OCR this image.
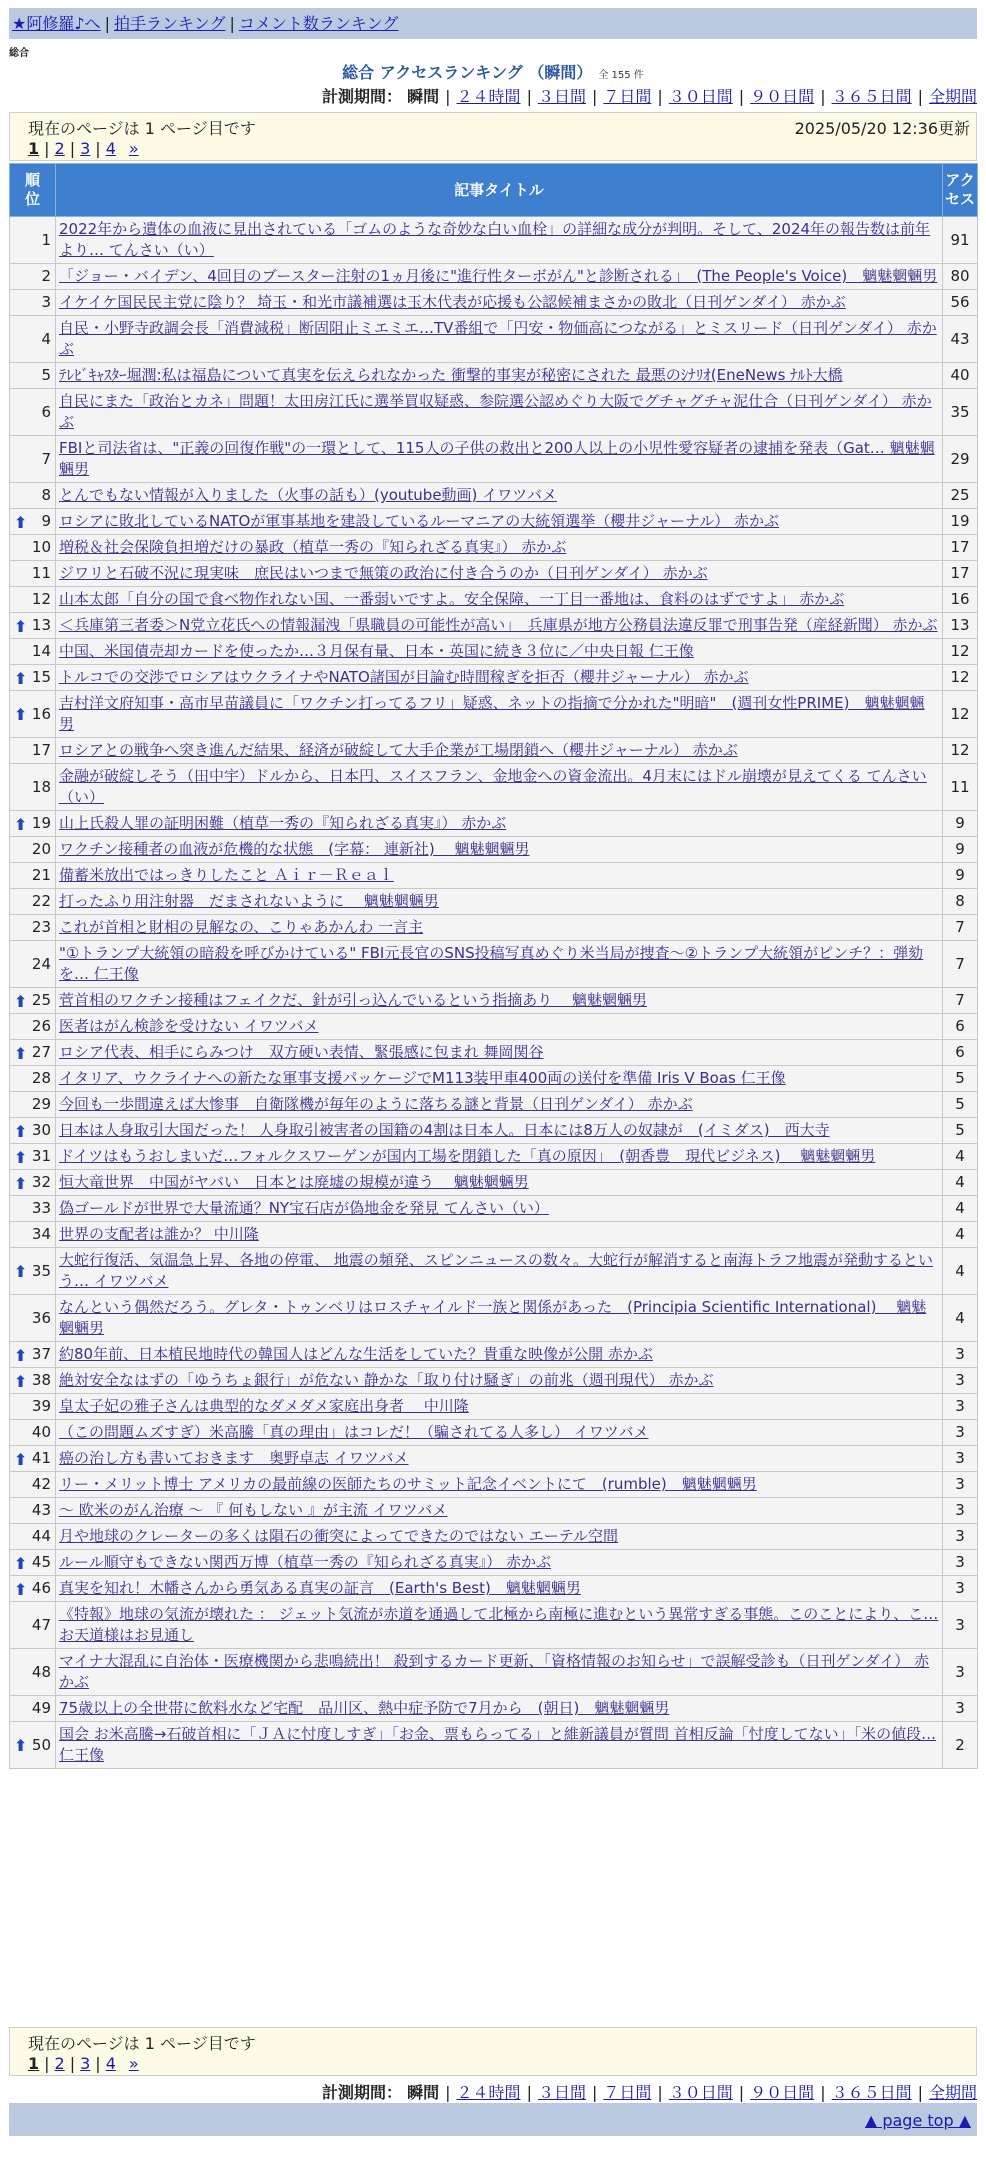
★阿修羅♪へ | 拍手ランキング | コメント数ランキング
総合
総合 アクセスランキング （瞬間） 全 155 件
計測期間： 瞬間 | ２４時間 | ３日間 | ７日間 | ３０日間 | ９０日間 | ３６５日間 | 全期間
現在のページは 1 ページ目です	2025/05/20 12:36更新
1 | 2 | 3 | 4 »
順位	記事タイトル	アクセス

1	2022年から遺体の血液に見出されている「ゴムのような奇妙な白い血栓」の詳細な成分が判明。そして、2024年の報告数は前年より… てんさい（い）	91
2	「ジョー・バイデン、4回目のブースター注射の1ヵ月後に"進行性ターボがん"と診断される」　(The People's Voice)　魑魅魍魎男	80
3	イケイケ国民民主党に陰り？ 埼玉・和光市議補選は玉木代表が応援も公認候補まさかの敗北（日刊ゲンダイ） 赤かぶ	56
4	自民・小野寺政調会長「消費減税」断固阻止ミエミエ…TV番組で「円安・物価高につながる」とミスリード（日刊ゲンダイ） 赤かぶ	43
5	ﾃﾚﾋﾞｷｬｽﾀｰ堀潤:私は福島について真実を伝えられなかった 衝撃的事実が秘密にされた 最悪のｼﾅﾘｵ(EneNews ﾅﾙﾄ大橋	40
6	自民にまた「政治とカネ」問題！太田房江氏に選挙買収疑惑、参院選公認めぐり大阪でグチャグチャ泥仕合（日刊ゲンダイ） 赤かぶ	35
7	FBIと司法省は、"正義の回復作戦"の一環として、115人の子供の救出と200人以上の小児性愛容疑者の逮捕を発表（Gat… 魑魅魍魎男	29
8	とんでもない情報が入りました（火事の話も）(youtube動画) イワツバメ	25

⬆ 9	ロシアに敗北しているNATOが軍事基地を建設しているルーマニアの大統領選挙（櫻井ジャーナル） 赤かぶ	19
10	増税＆社会保険負担増だけの暴政（植草一秀の『知られざる真実』） 赤かぶ	17
11	ジワリと石破不況に現実味　庶民はいつまで無策の政治に付き合うのか（日刊ゲンダイ） 赤かぶ	17
12	山本太郎「自分の国で食べ物作れない国、一番弱いですよ。安全保障、一丁目一番地は、食料のはずですよ」 赤かぶ	16

⬆ 13	＜兵庫第三者委＞N党立花氏への情報漏洩「県職員の可能性が高い」　兵庫県が地方公務員法違反罪で刑事告発（産経新聞） 赤かぶ	13
14	中国、米国債売却カードを使ったか…３月保有量、日本・英国に続き３位に／中央日報 仁王像	12

⬆ 15	トルコでの交渉でロシアはウクライナやNATO諸国が目論む時間稼ぎを拒否（櫻井ジャーナル） 赤かぶ	12

⬆ 16	吉村洋文府知事・高市早苗議員に「ワクチン打ってるフリ」疑惑、ネットの指摘で分かれた"明暗"　(週刊女性PRIME)　魑魅魍魎男	12
17	ロシアとの戦争へ突き進んだ結果、経済が破綻して大手企業が工場閉鎖へ（櫻井ジャーナル） 赤かぶ	12
18	金融が破綻しそう（田中宇）ドルから、日本円、スイスフラン、金地金への資金流出。4月末にはドル崩壊が見えてくる てんさい（い）	11

⬆ 19	山上氏殺人罪の証明困難（植草一秀の『知られざる真実』） 赤かぶ	9
20	ワクチン接種者の血液が危機的な状態　(字幕： 連新社)　 魑魅魍魎男	9
21	備蓄米放出ではっきりしたこと Ａｉｒ－Ｒｅａｌ	9
22	打ったふり用注射器　だまされないように　 魑魅魍魎男	8
23	これが首相と財相の見解なの、こりゃあかんわ 一言主	7
24	"①トランプ大統領の暗殺を呼びかけている" FBI元長官のSNS投稿写真めぐり米当局が捜査～②トランプ大統領がピンチ？：弾劾を… 仁王像	7

⬆ 25	菅首相のワクチン接種はフェイクだ、針が引っ込んでいるという指摘あり　 魑魅魍魎男	7
26	医者はがん検診を受けない イワツバメ	6

⬆ 27	ロシア代表、相手にらみつけ　双方硬い表情、緊張感に包まれ 舞岡関谷	6
28	イタリア、ウクライナへの新たな軍事支援パッケージでM113装甲車400両の送付を準備 Iris V Boas 仁王像	5
29	今回も一歩間違えば大惨事　自衛隊機が毎年のように落ちる謎と背景（日刊ゲンダイ） 赤かぶ	5

⬆ 30	日本は人身取引大国だった！ 人身取引被害者の国籍の4割は日本人。日本には8万人の奴隷が　(イミダス)　西大寺	5

⬆ 31	ドイツはもうおしまいだ…フォルクスワーゲンが国内工場を閉鎖した「真の原因」　(朝香豊　現代ビジネス)　 魑魅魍魎男	4

⬆ 32	恒大竜世界　中国がヤバい　日本とは廃墟の規模が違う　 魑魅魍魎男	4
33	偽ゴールドが世界で大量流通？NY宝石店が偽地金を発見 てんさい（い）	4
34	世界の支配者は誰か？ 中川隆	4

⬆ 35	大蛇行復活、気温急上昇、各地の停電、 地震の頻発、スピンニュースの数々。大蛇行が解消すると南海トラフ地震が発動するという… イワツバメ	4
36	なんという偶然だろう。グレタ・トゥンベリはロスチャイルド一族と関係があった　(Principia Scientific International)　 魑魅魍魎男	4

⬆ 37	約80年前、日本植民地時代の韓国人はどんな生活をしていた？貴重な映像が公開 赤かぶ	3

⬆ 38	絶対安全なはずの「ゆうちょ銀行」が危ない 静かな「取り付け騒ぎ」の前兆（週刊現代） 赤かぶ	3
39	皇太子妃の雅子さんは典型的なダメダメ家庭出身者　 中川隆	3
40	（この問題ムズすぎ）米高騰「真の理由」はコレだ！（騙されてる人多し） イワツバメ	3

⬆ 41	癌の治し方も書いておきます　奥野卓志 イワツバメ	3
42	リー・メリット博士 アメリカの最前線の医師たちのサミット記念イベントにて　(rumble)　魑魅魍魎男	3
43	～ 欧米のがん治療 ～ 『 何もしない 』が主流 イワツバメ	3
44	月や地球のクレーターの多くは隕石の衝突によってできたのではない エーテル空間	3

⬆ 45	ルール順守もできない関西万博（植草一秀の『知られざる真実』） 赤かぶ	3

⬆ 46	真実を知れ！木幡さんから勇気ある真実の証言　(Earth's Best)　魑魅魍魎男	3
47	《特報》地球の気流が壊れた ： ジェット気流が赤道を通過して北極から南極に進むという異常すぎる事態。このことにより、こ… お天道様はお見通し	3
48	マイナ大混乱に自治体・医療機関から悲鳴続出！ 殺到するカード更新、「資格情報のお知らせ」で誤解受診も（日刊ゲンダイ） 赤かぶ	3
49	75歳以上の全世帯に飲料水など宅配　品川区、熱中症予防で7月から　(朝日)　魑魅魍魎男	3

⬆ 50	国会 お米高騰→石破首相に「ＪＡに忖度しすぎ」「お金、票もらってる」と維新議員が質問 首相反論「忖度してない」「米の値段… 仁王像	2
現在のページは 1 ページ目です
1 | 2 | 3 | 4 »
計測期間： 瞬間 | ２４時間 | ３日間 | ７日間 | ３０日間 | ９０日間 | ３６５日間 | 全期間
▲ page top ▲
